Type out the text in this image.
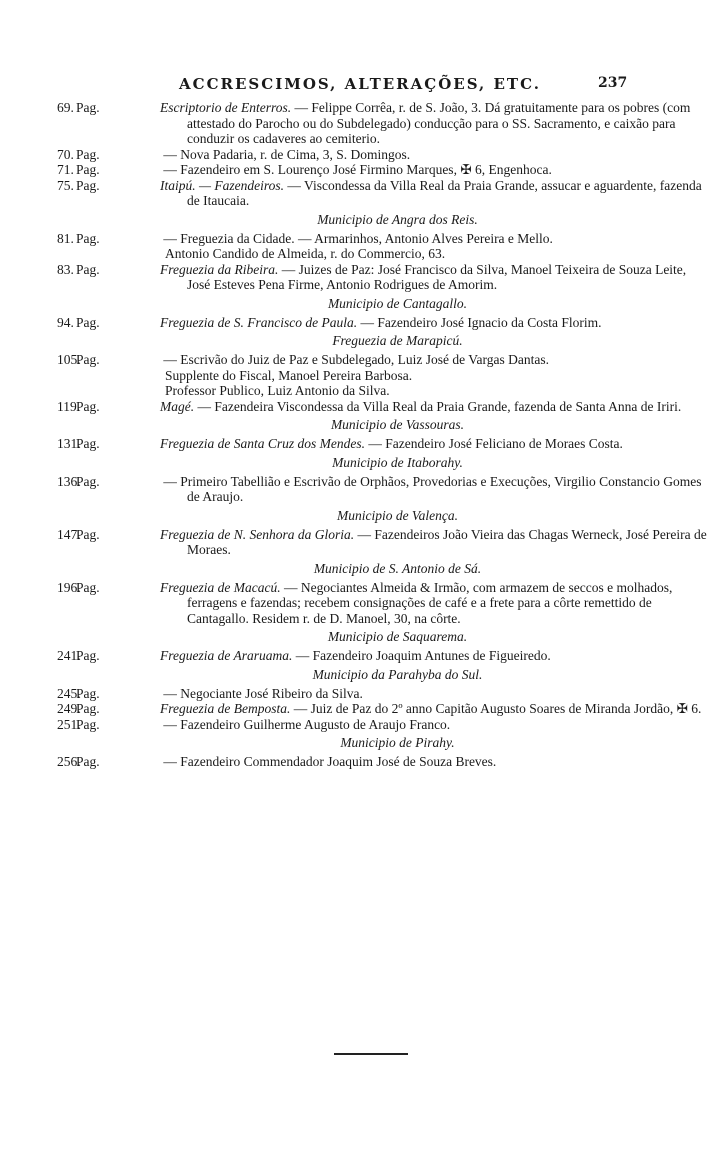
ACCRESCIMOS, ALTERAÇÕES, ETC.	237
Pag.
69.	Escriptorio de Enterros. — Felippe Corrêa, r. de S. João, 3. Dá gratuitamente para os pobres (com attestado do Parocho ou do Subdelegado) conducção para o SS. Sacramento, e caixão para conduzir os cadaveres ao cemiterio.
Pag.
70.	— Nova Padaria, r. de Cima, 3, S. Domingos.
Pag.
71.	— Fazendeiro em S. Lourenço José Firmino Marques, ✠ 6, Engenhoca.
Pag.
75.	Itaipú. — Fazendeiros. — Viscondessa da Villa Real da Praia Grande, assucar e aguardente, fazenda de Itaucaia.
Municipio de Angra dos Reis.
Pag.
81.	— Freguezia da Cidade. — Armarinhos, Antonio Alves Pereira e Mello.
Antonio Candido de Almeida, r. do Commercio, 63.
Pag.
83.	Freguezia da Ribeira. — Juizes de Paz: José Francisco da Silva, Manoel Teixeira de Souza Leite, José Esteves Pena Firme, Antonio Rodrigues de Amorim.
Municipio de Cantagallo.
Pag.
94.	Freguezia de S. Francisco de Paula. — Fazendeiro José Ignacio da Costa Florim.
Freguezia de Marapicú.
Pag.
105.	— Escrivão do Juiz de Paz e Subdelegado, Luiz José de Vargas Dantas.
Supplente do Fiscal, Manoel Pereira Barbosa.
Professor Publico, Luiz Antonio da Silva.
Pag.
119.	Magé. — Fazendeira Viscondessa da Villa Real da Praia Grande, fazenda de Santa Anna de Iriri.
Municipio de Vassouras.
Pag.
131.	Freguezia de Santa Cruz dos Mendes. — Fazendeiro José Feliciano de Moraes Costa.
Municipio de Itaborahy.
Pag.
136.	— Primeiro Tabellião e Escrivão de Orphãos, Provedorias e Execuções, Virgilio Constancio Gomes de Araujo.
Municipio de Valença.
Pag.
147.	Freguezia de N. Senhora da Gloria. — Fazendeiros João Vieira das Chagas Werneck, José Pereira de Moraes.
Municipio de S. Antonio de Sá.
Pag.
196.	Freguezia de Macacú. — Negociantes Almeida & Irmão, com armazem de seccos e molhados, ferragens e fazendas; recebem consignações de café e a frete para a côrte remettido de Cantagallo. Residem r. de D. Manoel, 30, na côrte.
Municipio de Saquarema.
Pag.
241.	Freguezia de Araruama. — Fazendeiro Joaquim Antunes de Figueiredo.
Municipio da Parahyba do Sul.
Pag.
245.	— Negociante José Ribeiro da Silva.
Pag.
249.	Freguezia de Bemposta. — Juiz de Paz do 2º anno Capitão Augusto Soares de Miranda Jordão, ✠ 6.
Pag.
251.	— Fazendeiro Guilherme Augusto de Araujo Franco.
Municipio de Pirahy.
Pag.
256.	— Fazendeiro Commendador Joaquim José de Souza Breves.
